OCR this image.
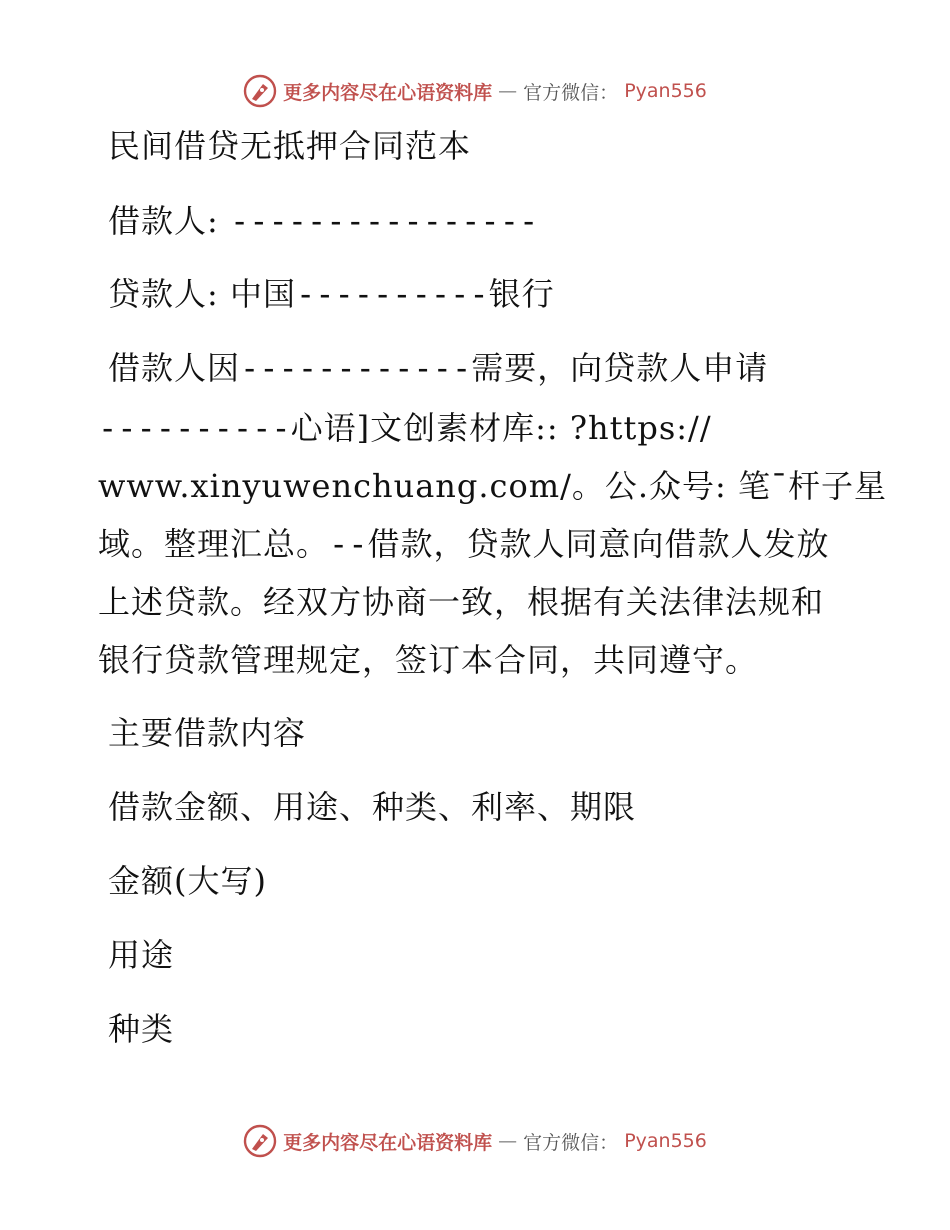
更多内容尽在心语资料库 — 官方微信： Pyan556
民间借贷无抵押合同范本
借款人: ----------------
贷款人: 中国----------银行
借款人因------------需要，向贷款人申请
----------心语]文创素材库:: ?https://
www.xinyuwenchuang.com/。公.众号: 笔¯杆子星
域。整理汇总。--借款，贷款人同意向借款人发放
上述贷款。经双方协商一致，根据有关法律法规和
银行贷款管理规定，签订本合同，共同遵守。
主要借款内容
借款金额、用途、种类、利率、期限
金额(大写)
用途
种类
更多内容尽在心语资料库 — 官方微信： Pyan556
